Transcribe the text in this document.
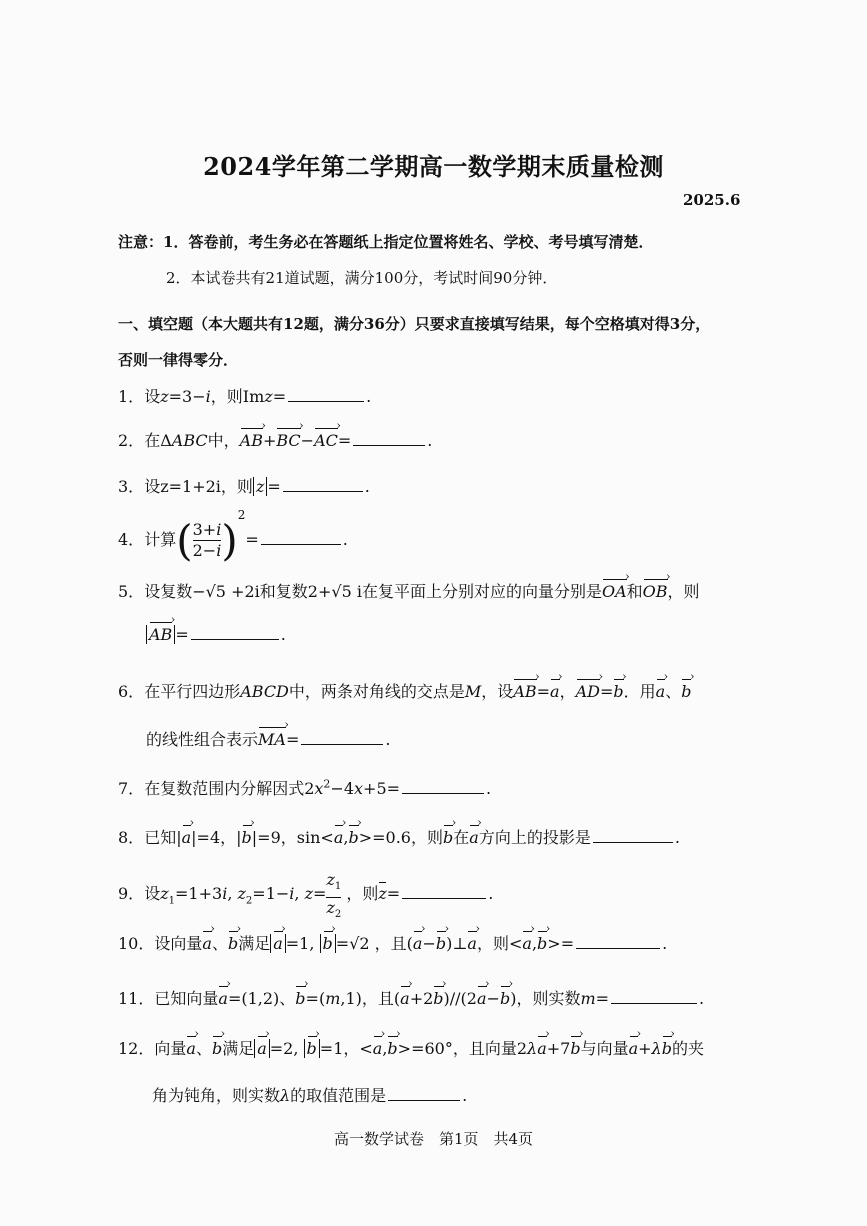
2024学年第二学期高一数学期末质量检测
2025.6
注意：1．答卷前，考生务必在答题纸上指定位置将姓名、学校、考号填写清楚．
2．本试卷共有21道试题，满分100分，考试时间90分钟．
一、填空题（本大题共有12题，满分36分）只要求直接填写结果，每个空格填对得3分，
否则一律得零分．
1．设z=3−i，则Imz=	.
2．在ΔABC中，AB ›+BC ›−AC ›=	.
3．设z=1+2i，则 z =	.
4．计算( $\frac{3+i}{2-i} )^2=$	.
5．设复数−√5 +2i和复数2+√5 i在复平面上分别对应的向量分别是OA ›和OB ›，则
AB › =	.
6．在平行四边形ABCD中，两条对角线的交点是M，设AB ›=a ›，AD ›=b ›．用a ›、b ›
的线性组合表示MA ›=	.
7．在复数范围内分解因式$2x^2-4x+5=$	.
8．已知|a ›|=4，|b ›|=9，sin<a ›,b ›>=0.6，则b ›在a ›方向上的投影是	.
9．设$z_1=1+3i$, $z_2=1-i$, $z= \frac{z_1}{z_2}$ ，则z=	.
10．设向量a ›、b ›满足 a › =1, b › =√2 ，且(a ›−b ›)⊥a ›，则<a ›,b ›>=	.
11．已知向量a ›=(1,2)、b ›=(m,1)，且(a ›+2b ›)//(2a ›−b ›)，则实数m=	.
12．向量a ›、b ›满足 a › =2, b › =1，<a ›,b ›>=60°，且向量2λa ›+7b ›与向量a ›+λb ›的夹
角为钝角，则实数λ的取值范围是	.
高一数学试卷　第1页　共4页
